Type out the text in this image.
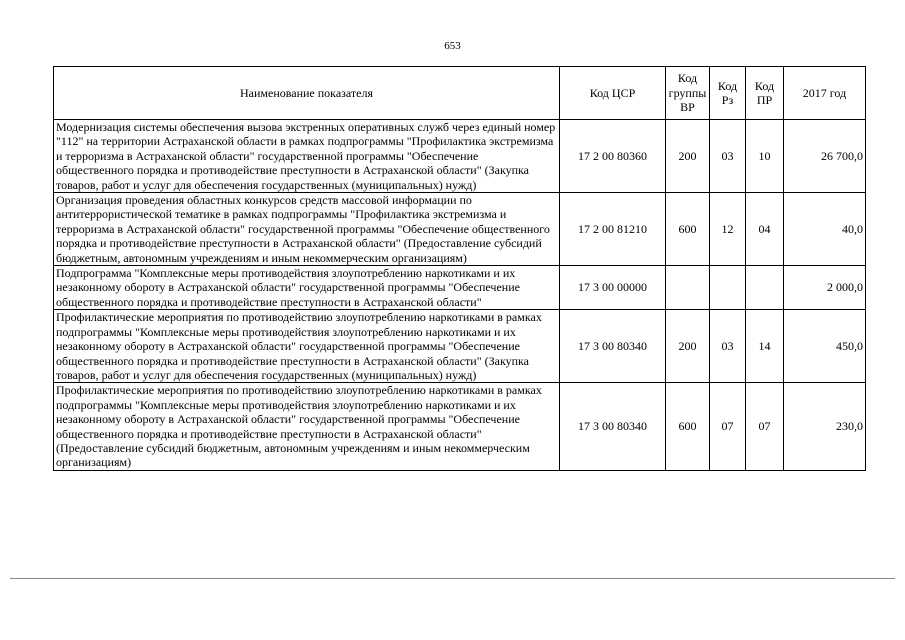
653
Наименование показателя	Код ЦСР	Код группы ВР	Код Рз	Код ПР	2017 год
Модернизация системы обеспечения вызова экстренных оперативных служб через единый номер "112" на территории Астраханской области в рамках подпрограммы "Профилактика экстремизма и терроризма в Астраханской области" государственной программы "Обеспечение общественного порядка и противодействие преступности в Астраханской области" (Закупка товаров, работ и услуг для обеспечения государственных (муниципальных) нужд)	17 2 00 80360	200	03	10	26 700,0
Организация проведения областных конкурсов средств массовой информации по антитеррористической тематике в рамках подпрограммы "Профилактика экстремизма и терроризма в Астраханской области" государственной программы "Обеспечение общественного порядка и противодействие преступности в Астраханской области" (Предоставление субсидий бюджетным, автономным учреждениям и иным некоммерческим организациям)	17 2 00 81210	600	12	04	40,0
Подпрограмма "Комплексные меры противодействия злоупотреблению наркотиками и их незаконному обороту в Астраханской области" государственной программы "Обеспечение общественного порядка и противодействие преступности в Астраханской области"	17 3 00 00000				2 000,0
Профилактические мероприятия по противодействию злоупотреблению наркотиками в рамках подпрограммы "Комплексные меры противодействия злоупотреблению наркотиками и их незаконному обороту в Астраханской области" государственной программы "Обеспечение общественного порядка и противодействие преступности в Астраханской области" (Закупка товаров, работ и услуг для обеспечения государственных (муниципальных) нужд)	17 3 00 80340	200	03	14	450,0
Профилактические мероприятия по противодействию злоупотреблению наркотиками в рамках подпрограммы "Комплексные меры противодействия злоупотреблению наркотиками и их незаконному обороту в Астраханской области" государственной программы "Обеспечение общественного порядка и противодействие преступности в Астраханской области" (Предоставление субсидий бюджетным, автономным учреждениям и иным некоммерческим организациям)	17 3 00 80340	600	07	07	230,0
